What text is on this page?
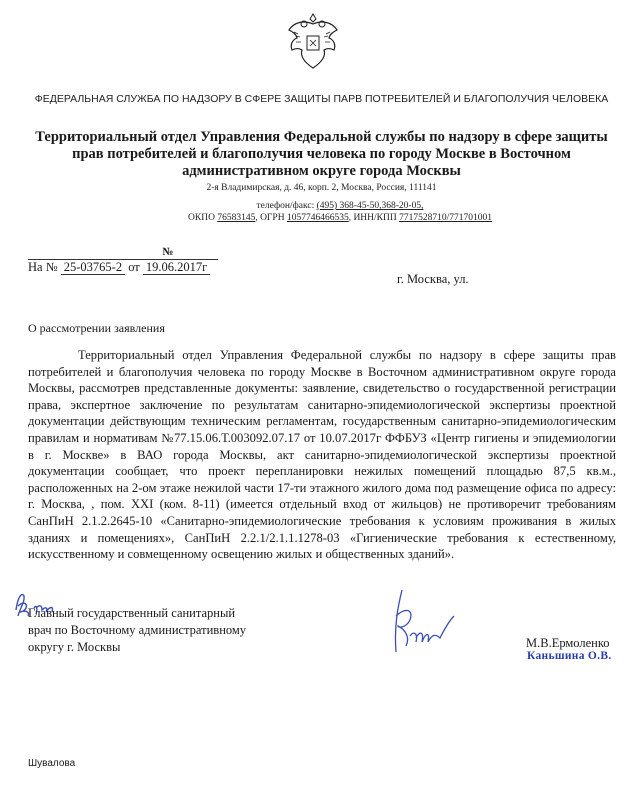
ФЕДЕРАЛЬНАЯ СЛУЖБА ПО НАДЗОРУ В СФЕРЕ ЗАЩИТЫ ПАРВ ПОТРЕБИТЕЛЕЙ И БЛАГОПОЛУЧИЯ ЧЕЛОВЕКА
Территориальный отдел Управления Федеральной службы по надзору в сфере защиты прав потребителей и благополучия человека по городу Москве в Восточном административном округе города Москвы
2-я Владимирская, д. 46, корп. 2, Москва, Россия, 111141
телефон/факс: (495) 368-45-50,368-20-05,
ОКПО 76583145, ОГРН 1057746466535, ИНН/КПП 7717528710/771701001
№
На № 25-03765-2 от 19.06.2017г
г. Москва, ул.
О рассмотрении заявления
Территориальный отдел Управления Федеральной службы по надзору в сфере защиты прав потребителей и благополучия человека по городу Москве в Восточном административном округе города Москвы, рассмотрев представленные документы: заявление, свидетельство о государственной регистрации права, экспертное заключение по результатам санитарно-эпидемиологической экспертизы проектной документации действующим техническим регламентам, государственным санитарно-эпидемиологическим правилам и нормативам №77.15.06.Т.003092.07.17 от 10.07.2017г ФФБУЗ «Центр гигиены и эпидемиологии в г. Москве» в ВАО города Москвы, акт санитарно-эпидемиологической экспертизы проектной документации сообщает, что проект перепланировки нежилых помещений площадью 87,5 кв.м., расположенных на 2-ом этаже нежилой части 17-ти этажного жилого дома под размещение офиса по адресу: г. Москва, , пом. XXI (ком. 8-11) (имеется отдельный вход от жильцов) не противоречит требованиям СанПиН 2.1.2.2645-10 «Санитарно-эпидемиологические требования к условиям проживания в жилых зданиях и помещениях», СанПиН 2.2.1/2.1.1.1278-03 «Гигиенические требования к естественному, искусственному и совмещенному освещению жилых и общественных зданий».
Главный государственный санитарный
врач по Восточному административному
округу г. Москвы	М.В.Ермоленко
Каньшина О.В.
Шувалова
